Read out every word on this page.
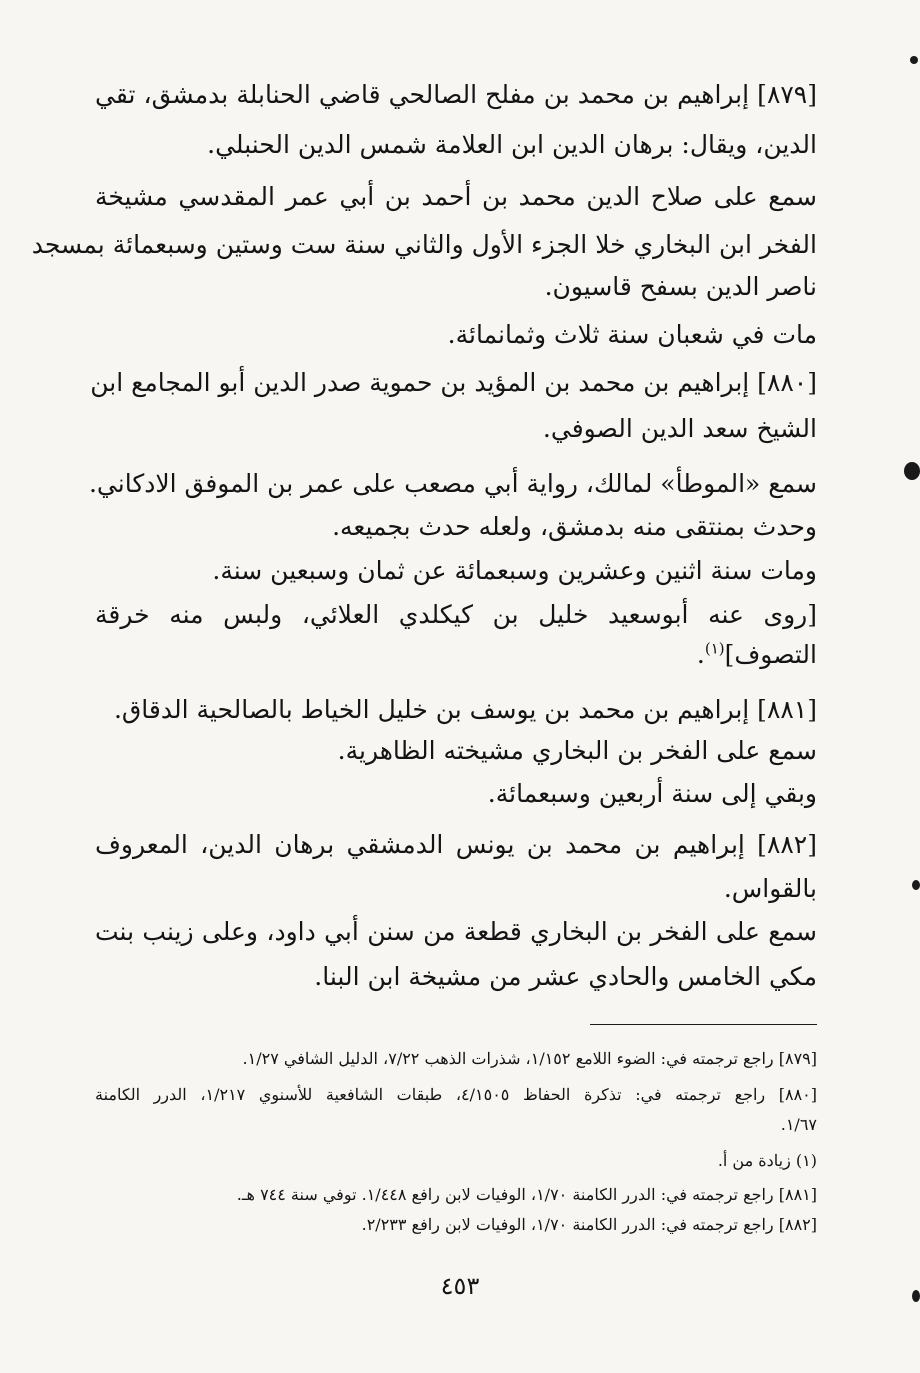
[٨٧٩] إبراهيم بن محمد بن مفلح الصالحي قاضي الحنابلة بدمشق، تقي
الدين، ويقال: برهان الدين ابن العلامة شمس الدين الحنبلي.
سمع على صلاح الدين محمد بن أحمد بن أبي عمر المقدسي مشيخة
الفخر ابن البخاري خلا الجزء الأول والثاني سنة ست وستين وسبعمائة بمسجد
ناصر الدين بسفح قاسيون.
مات في شعبان سنة ثلاث وثمانمائة.
[٨٨٠] إبراهيم بن محمد بن المؤيد بن حموية صدر الدين أبو المجامع ابن
الشيخ سعد الدين الصوفي.
سمع «الموطأ» لمالك، رواية أبي مصعب على عمر بن الموفق الادكاني.
وحدث بمنتقى منه بدمشق، ولعله حدث بجميعه.
ومات سنة اثنين وعشرين وسبعمائة عن ثمان وسبعين سنة.
[روى عنه أبوسعيد خليل بن كيكلدي العلائي، ولبس منه خرقة
التصوف]$^{(١)}$.
[٨٨١] إبراهيم بن محمد بن يوسف بن خليل الخياط بالصالحية الدقاق.
سمع على الفخر بن البخاري مشيخته الظاهرية.
وبقي إلى سنة أربعين وسبعمائة.
[٨٨٢] إبراهيم بن محمد بن يونس الدمشقي برهان الدين، المعروف
بالقواس.
سمع على الفخر بن البخاري قطعة من سنن أبي داود، وعلى زينب بنت
مكي الخامس والحادي عشر من مشيخة ابن البنا.
[٨٧٩] راجع ترجمته في: الضوء اللامع ١/١٥٢، شذرات الذهب ٧/٢٢، الدليل الشافي ١/٢٧.
[٨٨٠] راجع ترجمته في: تذكرة الحفاظ ٤/١٥٠٥، طبقات الشافعية للأسنوي ١/٢١٧، الدرر الكامنة
١/٦٧.
(١) زيادة من أ.
[٨٨١] راجع ترجمته في: الدرر الكامنة ١/٧٠، الوفيات لابن رافع ١/٤٤٨. توفي سنة ٧٤٤ هـ.
[٨٨٢] راجع ترجمته في: الدرر الكامنة ١/٧٠، الوفيات لابن رافع ٢/٢٣٣.
٤٥٣
